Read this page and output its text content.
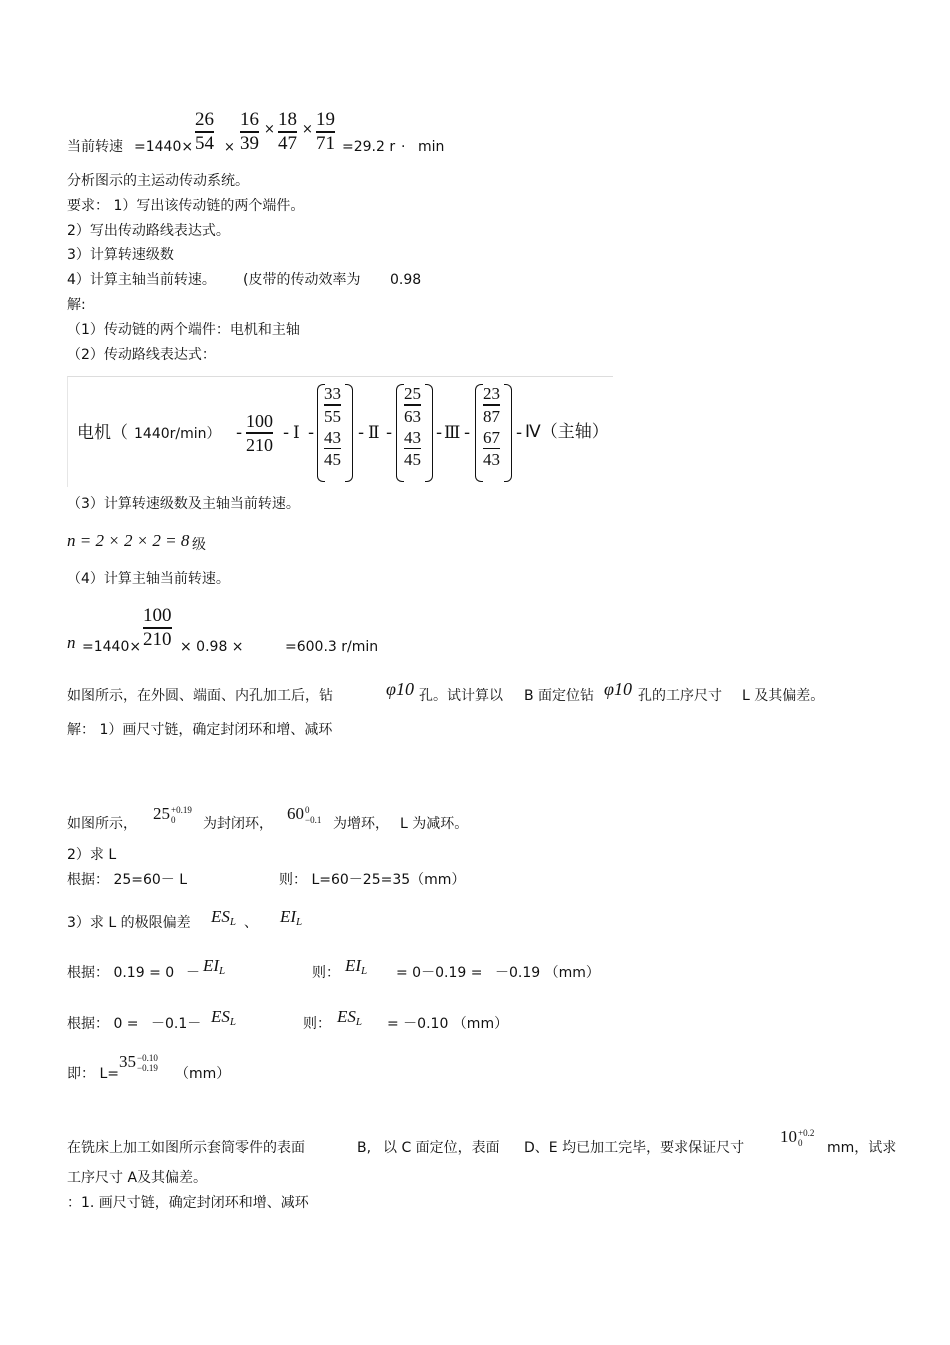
当前转速 =1440×
26
54 ×
16
39
× 18
47
× 19
71 =29.2 r · min
分析图示的主运动传动系统。
要求： 1）写出该传动链的两个端件。
2）写出传动路线表达式。
3）计算转速级数
4）计算主轴当前转速。 (皮带的传动效率为 0.98
解:
（1）传动链的两个端件：电机和主轴
（2）传动路线表达式：
电机（ 1440r/min） -
100
210
- Ⅰ -
33
55
43
45
- Ⅱ -
25
63
43
45
- Ⅲ -
23
87
67
43
- Ⅳ（主轴）
（3）计算转速级数及主轴当前转速。
n = 2 × 2 × 2 = 8 级
（4）计算主轴当前转速。
n =1440×
100
210 × 0.98 ×	=600.3 r/min
如图所示，在外圆、端面、内孔加工后，钻	φ10 孔。试计算以 B 面定位钻 φ10 孔的工序尺寸 L 及其偏差。
解： 1）画尺寸链，确定封闭环和增、减环
如图所示，
25+0.19
0	为封闭环，
600
−0.1 为增环， L 为减环。
2）求 L
根据： 25=60－ L	则： L=60－25=35（mm）
3）求 L 的极限偏差 $ES_L$ 、 $EI_L$
根据： $0.19 = 0 - EI_L$	则： $EI_L = 0-0.19 = -0.19$ （mm）
根据： $0 = -0.1- ES_L$	则： $ES_L = -0.10$ （mm）
即： L=
35−0.10
−0.19 （mm）
在铣床上加工如图所示套筒零件的表面	B, 以 C 面定位，表面 D、E 均已加工完毕，要求保证尺寸
10+0.2
0	mm，试求
工序尺寸 A及其偏差。
：1. 画尺寸链，确定封闭环和增、减环
